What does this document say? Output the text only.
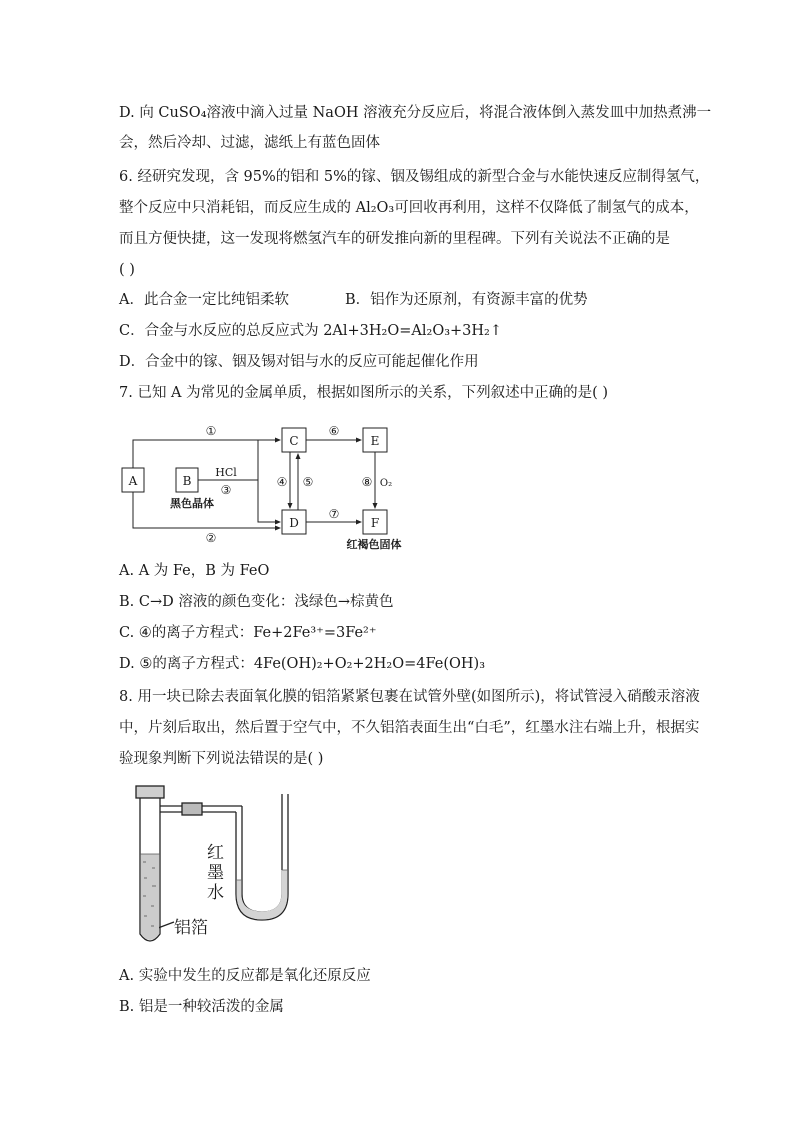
D. 向 CuSO₄溶液中滴入过量 NaOH 溶液充分反应后，将混合液体倒入蒸发皿中加热煮沸一
会，然后冷却、过滤，滤纸上有蓝色固体
6. 经研究发现，含 95%的铝和 5%的镓、铟及锡组成的新型合金与水能快速反应制得氢气，
整个反应中只消耗铝，而反应生成的 Al₂O₃可回收再利用，这样不仅降低了制氢气的成本，
而且方便快捷，这一发现将燃氢汽车的研发推向新的里程碑。下列有关说法不正确的是
( )
A．此合金一定比纯铝柔软	B．铝作为还原剂，有资源丰富的优势
C．合金与水反应的总反应式为 2Al+3H₂O=Al₂O₃+3H₂↑
D．合金中的镓、铟及锡对铝与水的反应可能起催化作用
7. 已知 A 为常见的金属单质，根据如图所示的关系，下列叙述中正确的是( )
A	B
C	E
D	F
①
②
③
HCl
④ ⑤
⑥
⑦
⑧ O₂
黑色晶体
红褐色固体
A. A 为 Fe，B 为 FeO
B. C→D 溶液的颜色变化：浅绿色→棕黄色
C. ④的离子方程式：Fe+2Fe³⁺=3Fe²⁺
D. ⑤的离子方程式：4Fe(OH)₂+O₂+2H₂O=4Fe(OH)₃
8. 用一块已除去表面氧化膜的铝箔紧紧包裹在试管外壁(如图所示)，将试管浸入硝酸汞溶液
中，片刻后取出，然后置于空气中，不久铝箔表面生出“白毛”，红墨水注右端上升，根据实
验现象判断下列说法错误的是( )
红
墨
水
铝箔
A. 实验中发生的反应都是氧化还原反应
B. 铝是一种较活泼的金属
